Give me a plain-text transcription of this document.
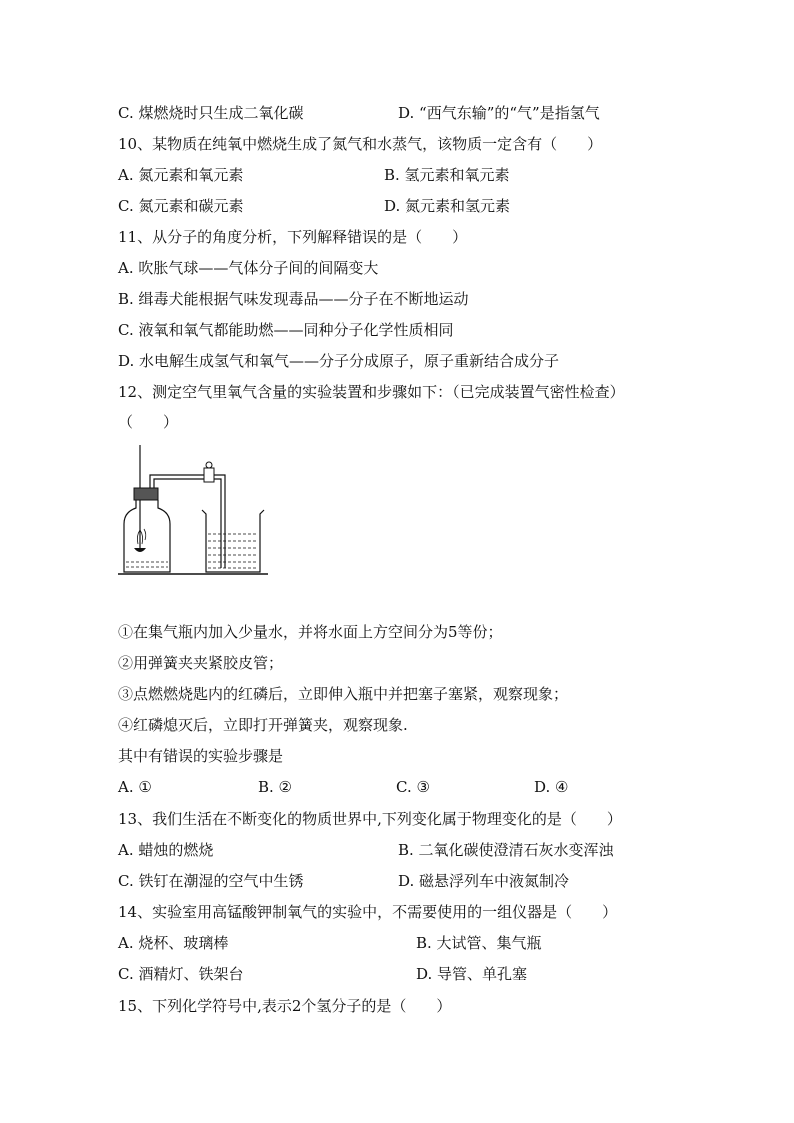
C. 煤燃烧时只生成二氧化碳	D. “西气东输”的“气”是指氢气
10、某物质在纯氧中燃烧生成了氮气和水蒸气，该物质一定含有（　　）
A. 氮元素和氧元素	B. 氢元素和氧元素
C. 氮元素和碳元素	D. 氮元素和氢元素
11、从分子的角度分析，下列解释错误的是（　　）
A. 吹胀气球——气体分子间的间隔变大
B. 缉毒犬能根据气味发现毒品——分子在不断地运动
C. 液氧和氧气都能助燃——同种分子化学性质相同
D. 水电解生成氢气和氧气——分子分成原子，原子重新结合成分子
12、测定空气里氧气含量的实验装置和步骤如下：（已完成装置气密性检查）
（　　）
①在集气瓶内加入少量水，并将水面上方空间分为5等份；
②用弹簧夹夹紧胶皮管；
③点燃燃烧匙内的红磷后，立即伸入瓶中并把塞子塞紧，观察现象；
④红磷熄灭后，立即打开弹簧夹，观察现象.
其中有错误的实验步骤是
A. ①	B. ②	C. ③	D. ④
13、我们生活在不断变化的物质世界中,下列变化属于物理变化的是（　　）
A. 蜡烛的燃烧	B. 二氧化碳使澄清石灰水变浑浊
C. 铁钉在潮湿的空气中生锈	D. 磁悬浮列车中液氮制冷
14、实验室用高锰酸钾制氧气的实验中，不需要使用的一组仪器是（　　）
A. 烧杯、玻璃棒	B. 大试管、集气瓶
C. 酒精灯、铁架台	D. 导管、单孔塞
15、下列化学符号中,表示2个氢分子的是（　　）
